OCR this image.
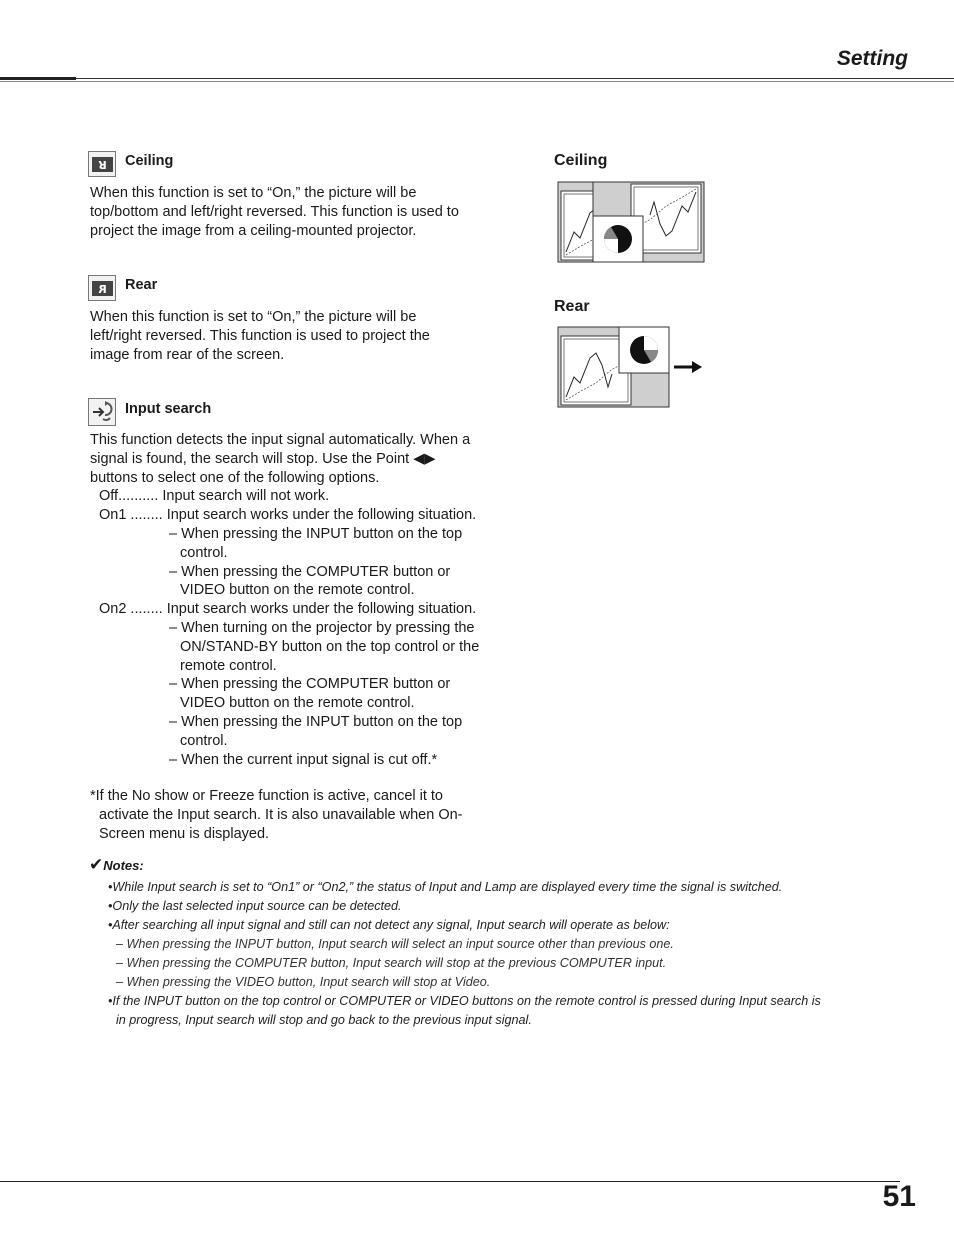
Setting
R Ceiling
When this function is set to “On,” the picture will be
top/bottom and left/right reversed. This function is used to
project the image from a ceiling-mounted projector.
R Rear
When this function is set to “On,” the picture will be
left/right reversed. This function is used to project the
image from rear of the screen.
Input search
This function detects the input signal automatically. When a
signal is found, the search will stop. Use the Point ◀▶
buttons to select one of the following options.
Off.......... Input search will not work.
On1 ........ Input search works under the following situation.
– When pressing the INPUT button on the top
control.
– When pressing the COMPUTER button or
VIDEO button on the remote control.
On2 ........ Input search works under the following situation.
– When turning on the projector by pressing the
ON/STAND-BY button on the top control or the
remote control.
– When pressing the COMPUTER button or
VIDEO button on the remote control.
– When pressing the INPUT button on the top
control.
– When the current input signal is cut off.*
*If the No show or Freeze function is active, cancel it to
activate the Input search. It is also unavailable when On-
Screen menu is displayed.
Ceiling
Rear
✔Notes:
•While Input search is set to “On1” or “On2,” the status of Input and Lamp are displayed every time the signal is switched.
•Only the last selected input source can be detected.
•After searching all input signal and still can not detect any signal, Input search will operate as below:
– When pressing the INPUT button, Input search will select an input source other than previous one.
– When pressing the COMPUTER button, Input search will stop at the previous COMPUTER input.
– When pressing the VIDEO button, Input search will stop at Video.
•If the INPUT button on the top control or COMPUTER or VIDEO buttons on the remote control is pressed during Input search is
in progress, Input search will stop and go back to the previous input signal.
51
